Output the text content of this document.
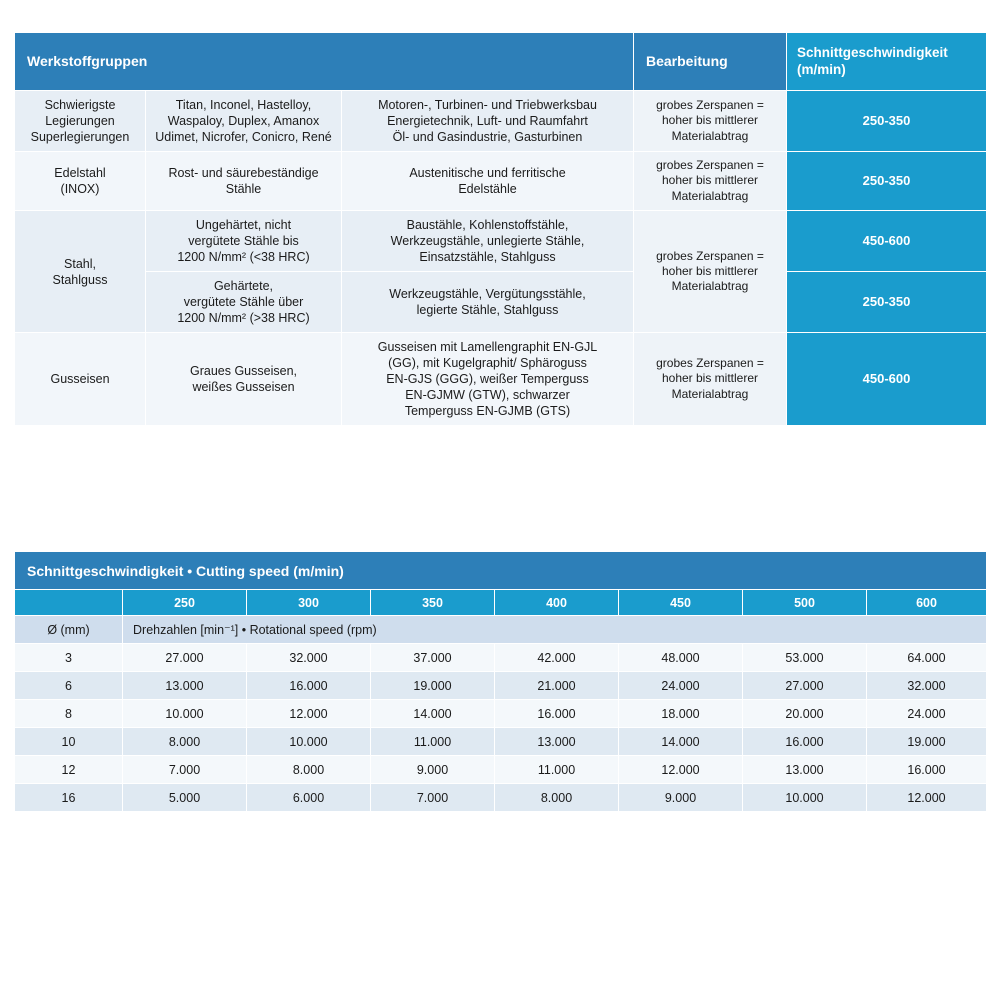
Werkstoffgruppen			Bearbeitung	Schnittgeschwindigkeit
(m/min)
Schwierigste
Legierungen
Superlegierungen	Titan, Inconel, Hastelloy,
Waspaloy, Duplex, Amanox
Udimet, Nicrofer, Conicro, René	Motoren-, Turbinen- und Triebwerksbau
Energietechnik, Luft- und Raumfahrt
Öl- und Gasindustrie, Gasturbinen	grobes Zerspanen =
hoher bis mittlerer
Materialabtrag	250-350
Edelstahl
(INOX)	Rost- und säurebeständige
Stähle	Austenitische und ferritische
Edelstähle	grobes Zerspanen =
hoher bis mittlerer
Materialabtrag	250-350
Stahl,
Stahlguss	Ungehärtet, nicht
vergütete Stähle bis
1200 N/mm² (<38 HRC)	Baustähle, Kohlenstoffstähle,
Werkzeugstähle, unlegierte Stähle,
Einsatzstähle, Stahlguss	grobes Zerspanen =
hoher bis mittlerer
Materialabtrag	450-600
	Gehärtete,
vergütete Stähle über
1200 N/mm² (>38 HRC)	Werkzeugstähle, Vergütungsstähle,
legierte Stähle, Stahlguss		250-350
Gusseisen	Graues Gusseisen,
weißes Gusseisen	Gusseisen mit Lamellengraphit EN-GJL
(GG), mit Kugelgraphit/ Sphäroguss
EN-GJS (GGG), weißer Temperguss
EN-GJMW (GTW), schwarzer
Temperguss EN-GJMB (GTS)	grobes Zerspanen =
hoher bis mittlerer
Materialabtrag	450-600
Schnittgeschwindigkeit • Cutting speed (m/min)							
	250	300	350	400	450	500	600
Ø (mm)	Drehzahlen [min⁻¹] • Rotational speed (rpm)						
3	27.000	32.000	37.000	42.000	48.000	53.000	64.000
6	13.000	16.000	19.000	21.000	24.000	27.000	32.000
8	10.000	12.000	14.000	16.000	18.000	20.000	24.000
10	8.000	10.000	11.000	13.000	14.000	16.000	19.000
12	7.000	8.000	9.000	11.000	12.000	13.000	16.000
16	5.000	6.000	7.000	8.000	9.000	10.000	12.000
